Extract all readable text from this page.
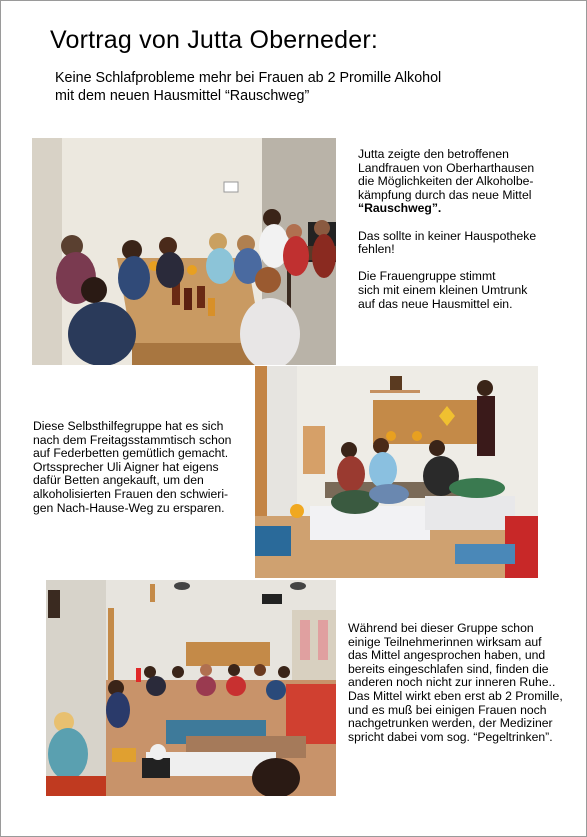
Vortrag von Jutta Oberneder:
Keine Schlafprobleme mehr bei Frauen ab 2 Promille Alkohol
mit dem neuen Hausmittel “Rauschweg”
Jutta zeigte den betroffenen
Landfrauen von Oberharthausen
die Möglichkeiten der Alkoholbe-
kämpfung durch das neue Mittel
“Rauschweg”.
Das sollte in keiner Hauspotheke
fehlen!
Die Frauengruppe stimmt
sich mit einem kleinen Umtrunk
auf das neue Hausmittel ein.
Diese Selbsthilfegruppe hat es sich
nach dem Freitagsstammtisch schon
auf Federbetten gemütlich gemacht.
Ortssprecher Uli Aigner hat eigens
dafür Betten angekauft, um den
alkoholisierten Frauen den schwieri-
gen Nach-Hause-Weg zu ersparen.
Während bei dieser Gruppe schon
einige Teilnehmerinnen wirksam auf
das Mittel angesprochen haben, und
bereits eingeschlafen sind, finden die
anderen noch nicht zur inneren Ruhe..
Das Mittel wirkt eben erst ab 2 Promille,
und es muß bei einigen Frauen noch
nachgetrunken werden, der Mediziner
spricht dabei vom sog. “Pegeltrinken”.
